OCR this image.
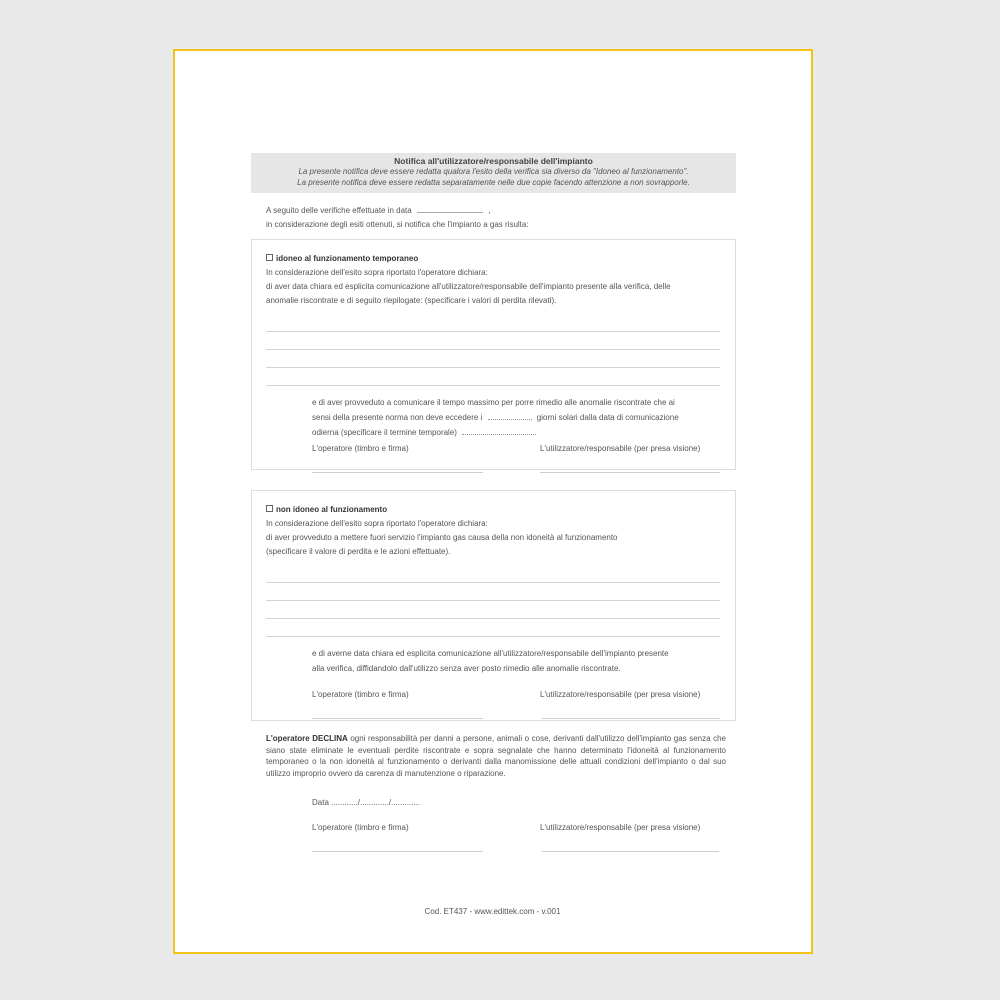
Notifica all'utilizzatore/responsabile dell'impianto
La presente notifica deve essere redatta qualora l'esito della verifica sia diverso da "Idoneo al funzionamento".
La presente notifica deve essere redatta separatamente nelle due copie facendo attenzione a non sovrapporle.
A seguito delle verifiche effettuate in data	,
in considerazione degli esiti ottenuti, si notifica che l'impianto a gas risulta:
idoneo al funzionamento temporaneo
In considerazione dell'esito sopra riportato l'operatore dichiara:
di aver data chiara ed esplicita comunicazione all'utilizzatore/responsabile dell'impianto presente alla verifica, delle
anomalie riscontrate e di seguito riepilogate: (specificare i valori di perdita rilevati).
e di aver provveduto a comunicare il tempo massimo per porre rimedio alle anomalie riscontrate che ai
sensi della presente norma non deve eccedere i	giorni solari dalla data di comunicazione
odierna (specificare il termine temporale)
L'operatore (timbro e firma)	L'utilizzatore/responsabile (per presa visione)
non idoneo al funzionamento
In considerazione dell'esito sopra riportato l'operatore dichiara:
di aver provveduto a mettere fuori servizio l'impianto gas causa della non idoneità al funzionamento
(specificare il valore di perdita e le azioni effettuate).
e di averne data chiara ed esplicita comunicazione all'utilizzatore/responsabile dell'impianto presente
alla verifica, diffidandolo dall'utilizzo senza aver posto rimedio alle anomalie riscontrate.
L'operatore (timbro e firma)	L'utilizzatore/responsabile (per presa visione)
L'operatore DECLINA ogni responsabilità per danni a persone, animali o cose, derivanti dall'utilizzo dell'impianto gas senza che siano state eliminate le eventuali perdite riscontrate e sopra segnalate che hanno determinato l'idoneità al funzionamento temporaneo o la non idoneità al funzionamento o derivanti dalla manomissione delle attuali condizioni dell'impianto o dal suo utilizzo improprio ovvero da carenza di manutenzione o riparazione.
Data ............/............./.............
L'operatore (timbro e firma)	L'utilizzatore/responsabile (per presa visione)
Cod. ET437 - www.edittek.com - v.001
